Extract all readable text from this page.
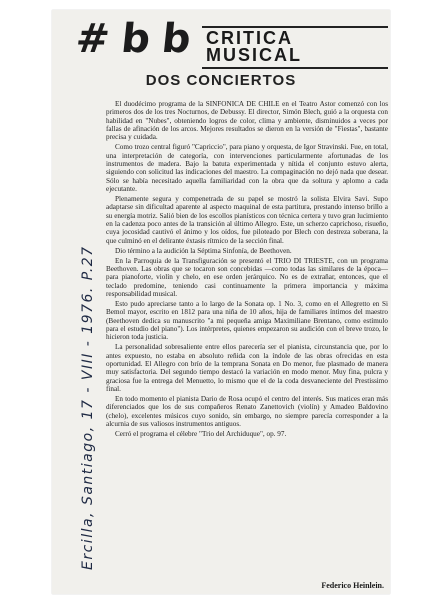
# b b CRITICA
MUSICAL
DOS CONCIERTOS

El duodécimo programa de la SINFONICA DE CHILE en el Teatro Astor comenzó con los primeros dos de los tres Nocturnos, de Debussy. El director, Simón Blech, guió a la orquesta con habilidad en "Nubes", obteniendo logros de color, clima y ambiente, disminuidos a veces por fallas de afinación de los arcos. Mejores resultados se dieron en la versión de "Fiestas", bastante precisa y cuidada.

Como trozo central figuró "Capriccio", para piano y orquesta, de Igor Stravinski. Fue, en total, una interpretación de categoría, con intervenciones particularmente afortunadas de los instrumentos de madera. Bajo la batuta experimentada y nítida el conjunto estuvo alerta, siguiendo con solicitud las indicaciones del maestro. La compaginación no dejó nada que desear. Sólo se había necesitado aquella familiaridad con la obra que da soltura y aplomo a cada ejecutante.

Plenamente segura y compenetrada de su papel se mostró la solista Elvira Savi. Supo adaptarse sin dificultad aparente al aspecto maquinal de esta partitura, prestando intenso brillo a su energía motriz. Salió bien de los escollos pianísticos con técnica certera y tuvo gran lucimiento en la cadenza poco antes de la transición al último Allegro. Este, un scherzo caprichoso, risueño, cuya jocosidad cautivó el ánimo y los oídos, fue piloteado por Blech con destreza soberana, la que culminó en el delirante éxtasis rítmico de la sección final.

Dio término a la audición la Séptima Sinfonía, de Beethoven.

En la Parroquia de la Transfiguración se presentó el TRIO DI TRIESTE, con un programa Beethoven. Las obras que se tocaron son concebidas —como todas las similares de la época— para pianoforte, violín y chelo, en ese orden jerárquico. No es de extrañar, entonces, que el teclado predomine, teniendo casi continuamente la primera importancia y máxima responsabilidad musical.

Esto pudo apreciarse tanto a lo largo de la Sonata op. 1 No. 3, como en el Allegretto en Si Bemol mayor, escrito en 1812 para una niña de 10 años, hija de familiares íntimos del maestro (Beethoven dedica su manuscrito "a mi pequeña amiga Maximiliane Brentano, como estímulo para el estudio del piano"). Los intérpretes, quienes empezaron su audición con el breve trozo, le hicieron toda justicia.

La personalidad sobresaliente entre ellos parecería ser el pianista, circunstancia que, por lo antes expuesto, no estaba en absoluto reñida con la índole de las obras ofrecidas en esta oportunidad. El Allegro con brío de la temprana Sonata en Do menor, fue plasmado de manera muy satisfactoria. Del segundo tiempo destacó la variación en modo menor. Muy fina, pulcra y graciosa fue la entrega del Menuetto, lo mismo que el de la coda desvaneciente del Prestissimo final.

En todo momento el pianista Dario de Rosa ocupó el centro del interés. Sus matices eran más diferenciados que los de sus compañeros Renato Zanettovich (violín) y Amadeo Baldovino (chelo), excelentes músicos cuyo sonido, sin embargo, no siempre parecía corresponder a la alcurnia de sus valiosos instrumentos antiguos.

Cerró el programa el célebre "Trio del Archiduque", op. 97.

Federico Heinlein.
Ercilla, Santiago, 17 - VIII - 1976. P.27
